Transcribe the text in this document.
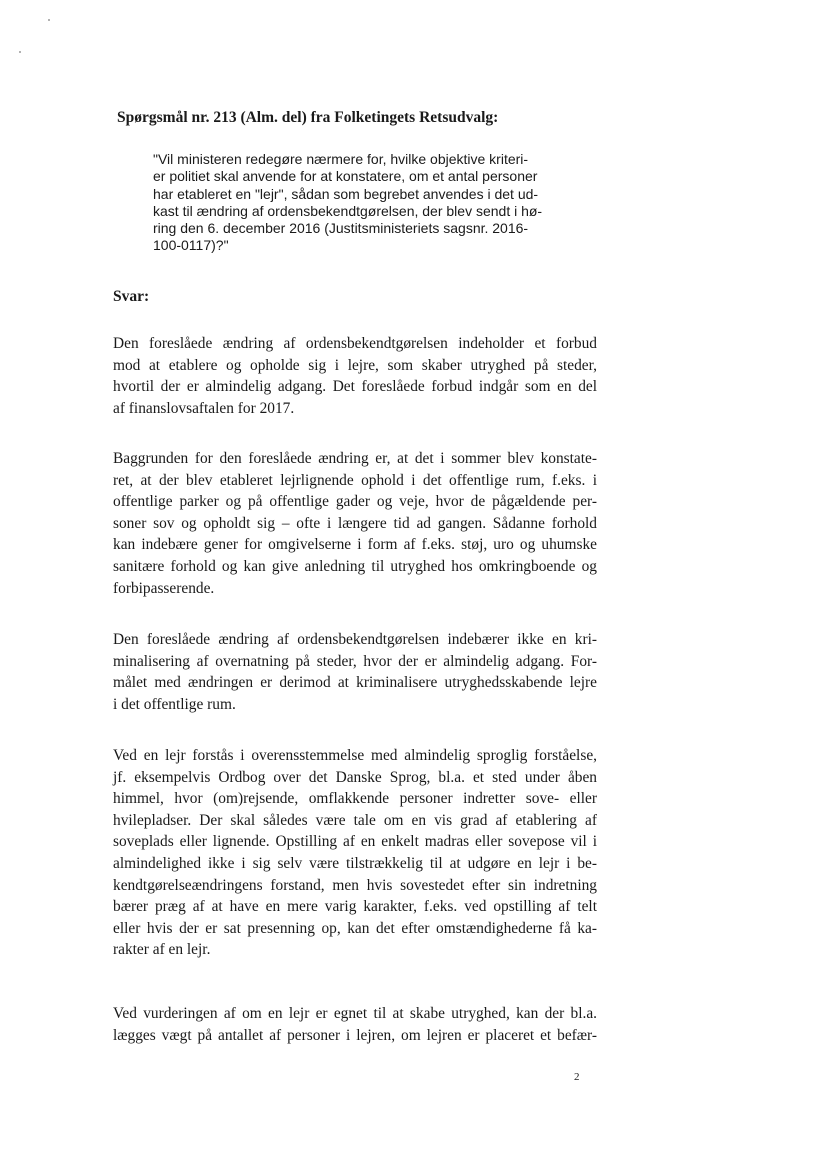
Spørgsmål nr. 213 (Alm. del) fra Folketingets Retsudvalg:
"Vil ministeren redegøre nærmere for, hvilke objektive kriteri-
er politiet skal anvende for at konstatere, om et antal personer
har etableret en "lejr", sådan som begrebet anvendes i det ud-
kast til ændring af ordensbekendtgørelsen, der blev sendt i hø-
ring den 6. december 2016 (Justitsministeriets sagsnr. 2016-
100-0117)?"
Svar:
Den foreslåede ændring af ordensbekendtgørelsen indeholder et forbud
mod at etablere og opholde sig i lejre, som skaber utryghed på steder,
hvortil der er almindelig adgang. Det foreslåede forbud indgår som en del
af finanslovsaftalen for 2017.
Baggrunden for den foreslåede ændring er, at det i sommer blev konstate-
ret, at der blev etableret lejrlignende ophold i det offentlige rum, f.eks. i
offentlige parker og på offentlige gader og veje, hvor de pågældende per-
soner sov og opholdt sig – ofte i længere tid ad gangen. Sådanne forhold
kan indebære gener for omgivelserne i form af f.eks. støj, uro og uhumske
sanitære forhold og kan give anledning til utryghed hos omkringboende og
forbipasserende.
Den foreslåede ændring af ordensbekendtgørelsen indebærer ikke en kri-
minalisering af overnatning på steder, hvor der er almindelig adgang. For-
målet med ændringen er derimod at kriminalisere utryghedsskabende lejre
i det offentlige rum.
Ved en lejr forstås i overensstemmelse med almindelig sproglig forståelse,
jf. eksempelvis Ordbog over det Danske Sprog, bl.a. et sted under åben
himmel, hvor (om)rejsende, omflakkende personer indretter sove- eller
hvilepladser. Der skal således være tale om en vis grad af etablering af
soveplads eller lignende. Opstilling af en enkelt madras eller sovepose vil i
almindelighed ikke i sig selv være tilstrækkelig til at udgøre en lejr i be-
kendtgørelseændringens forstand, men hvis sovestedet efter sin indretning
bærer præg af at have en mere varig karakter, f.eks. ved opstilling af telt
eller hvis der er sat presenning op, kan det efter omstændighederne få ka-
rakter af en lejr.
Ved vurderingen af om en lejr er egnet til at skabe utryghed, kan der bl.a.
lægges vægt på antallet af personer i lejren, om lejren er placeret et befær-
2
